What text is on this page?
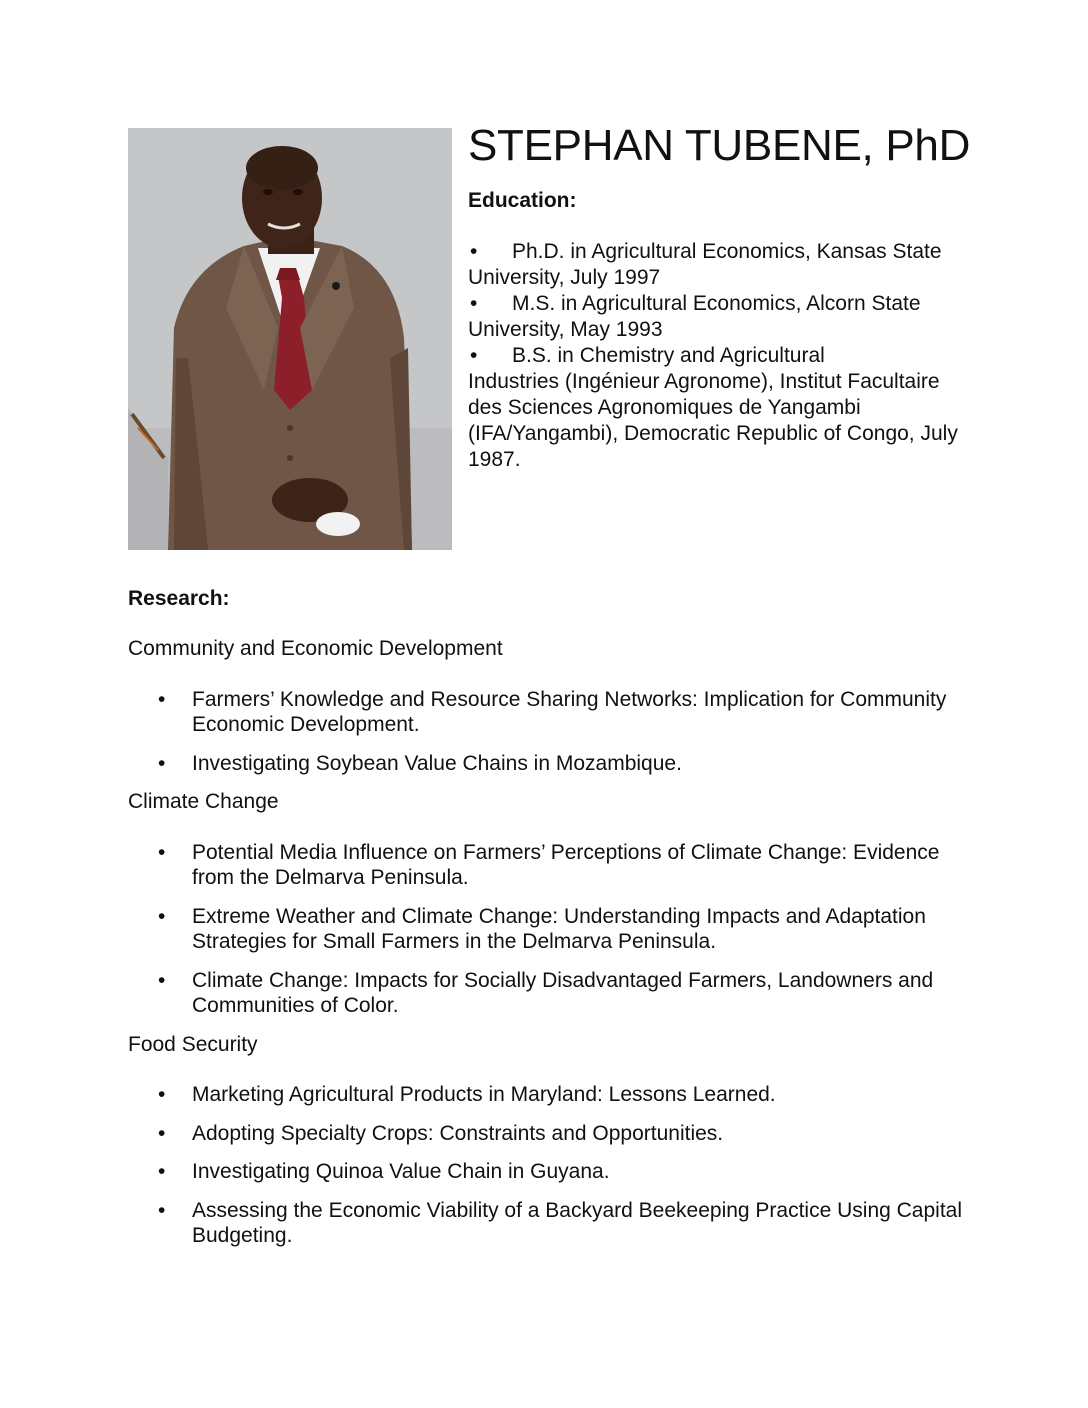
STEPHAN TUBENE, PhD
Education:

• Ph.D. in Agricultural Economics, Kansas State
University, July 1997

• M.S. in Agricultural Economics, Alcorn State
University, May 1993

• B.S. in Chemistry and Agricultural
Industries (Ingénieur Agronome), Institut Facultaire des Sciences Agronomiques de Yangambi (IFA/Yangambi), Democratic Republic of Congo, July 1987.

Research:

Community and Economic Development

• Farmers’ Knowledge and Resource Sharing Networks: Implication for Community Economic Development.
• Investigating Soybean Value Chains in Mozambique.

Climate Change

• Potential Media Influence on Farmers’ Perceptions of Climate Change: Evidence from the Delmarva Peninsula.
• Extreme Weather and Climate Change: Understanding Impacts and Adaptation Strategies for Small Farmers in the Delmarva Peninsula.
• Climate Change: Impacts for Socially Disadvantaged Farmers, Landowners and Communities of Color.

Food Security

• Marketing Agricultural Products in Maryland: Lessons Learned.
• Adopting Specialty Crops: Constraints and Opportunities.
• Investigating Quinoa Value Chain in Guyana.
• Assessing the Economic Viability of a Backyard Beekeeping Practice Using Capital Budgeting.
